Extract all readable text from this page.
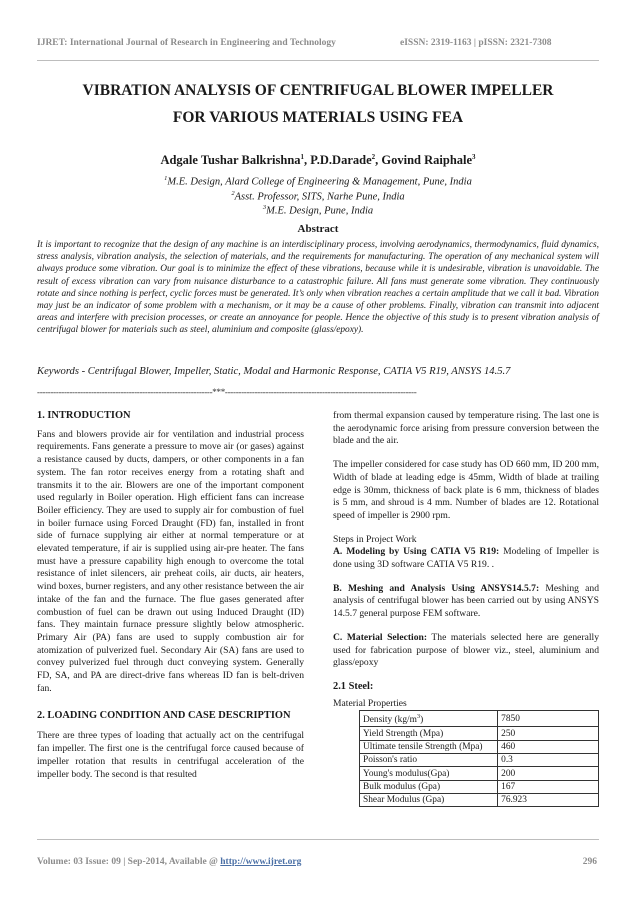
IJRET: International Journal of Research in Engineering and Technology	eISSN: 2319-1163 | pISSN: 2321-7308
VIBRATION ANALYSIS OF CENTRIFUGAL BLOWER IMPELLER
FOR VARIOUS MATERIALS USING FEA
Adgale Tushar Balkrishna$^1$, P.D.Darade$^2$, Govind Raiphale$^3$
$^1$M.E. Design, Alard College of Engineering & Management, Pune, India
$^2$Asst. Professor, SITS, Narhe Pune, India
$^3$M.E. Design, Pune, India
Abstract
It is important to recognize that the design of any machine is an interdisciplinary process, involving aerodynamics, thermodynamics, fluid dynamics, stress analysis, vibration analysis, the selection of materials, and the requirements for manufacturing. The operation of any mechanical system will always produce some vibration. Our goal is to minimize the effect of these vibrations, because while it is undesirable, vibration is unavoidable. The result of excess vibration can vary from nuisance disturbance to a catastrophic failure. All fans must generate some vibration. They continuously rotate and since nothing is perfect, cyclic forces must be generated. It’s only when vibration reaches a certain amplitude that we call it bad. Vibration may just be an indicator of some problem with a mechanism, or it may be a cause of other problems. Finally, vibration can transmit into adjacent areas and interfere with precision processes, or create an annoyance for people. Hence the objective of this study is to present vibration analysis of centrifugal blower for materials such as steel, aluminium and composite (glass/epoxy).
Keywords - Centrifugal Blower, Impeller, Static, Modal and Harmonic Response, CATIA V5 R19, ANSYS 14.5.7
-----------------------------------------------------------------***-----------------------------------------------------------------------
1. INTRODUCTION

Fans and blowers provide air for ventilation and industrial process requirements. Fans generate a pressure to move air (or gases) against a resistance caused by ducts, dampers, or other components in a fan system. The fan rotor receives energy from a rotating shaft and transmits it to the air. Blowers are one of the important component used regularly in Boiler operation. High efficient fans can increase Boiler efficiency. They are used to supply air for combustion of fuel in boiler furnace using Forced Draught (FD) fan, installed in front side of furnace supplying air either at normal temperature or at elevated temperature, if air is supplied using air-pre heater. The fans must have a pressure capability high enough to overcome the total resistance of inlet silencers, air preheat coils, air ducts, air heaters, wind boxes, burner registers, and any other resistance between the air intake of the fan and the furnace. The flue gases generated after combustion of fuel can be drawn out using Induced Draught (ID) fans. They maintain furnace pressure slightly below atmospheric. Primary Air (PA) fans are used to supply combustion air for atomization of pulverized fuel. Secondary Air (SA) fans are used to convey pulverized fuel through duct conveying system. Generally FD, SA, and PA are direct-drive fans whereas ID fan is belt-driven fan.

2. LOADING CONDITION AND CASE DESCRIPTION

There are three types of loading that actually act on the centrifugal fan impeller. The first one is the centrifugal force caused because of impeller rotation that results in centrifugal acceleration of the impeller body. The second is that resulted

from thermal expansion caused by temperature rising. The last one is the aerodynamic force arising from pressure conversion between the blade and the air.

The impeller considered for case study has OD 660 mm, ID 200 mm, Width of blade at leading edge is 45mm, Width of blade at trailing edge is 30mm, thickness of back plate is 6 mm, thickness of blades is 5 mm, and shroud is 4 mm. Number of blades are 12. Rotational speed of impeller is 2900 rpm.

Steps in Project Work

A. Modeling by Using CATIA V5 R19: Modeling of Impeller is done using 3D software CATIA V5 R19. .

B. Meshing and Analysis Using ANSYS14.5.7: Meshing and analysis of centrifugal blower has been carried out by using ANSYS 14.5.7 general purpose FEM software.

C. Material Selection: The materials selected here are generally used for fabrication purpose of blower viz., steel, aluminium and glass/epoxy

2.1 Steel:

Material Properties

Density $(kg/m^3)$	7850
Yield Strength (Mpa)	250
Ultimate tensile Strength (Mpa)	460
Poisson's ratio	0.3
Young's modulus(Gpa)	200
Bulk modulus (Gpa)	167
Shear Modulus (Gpa)	76.923
Volume: 03 Issue: 09 | Sep-2014, Available @ http://www.ijret.org	296
